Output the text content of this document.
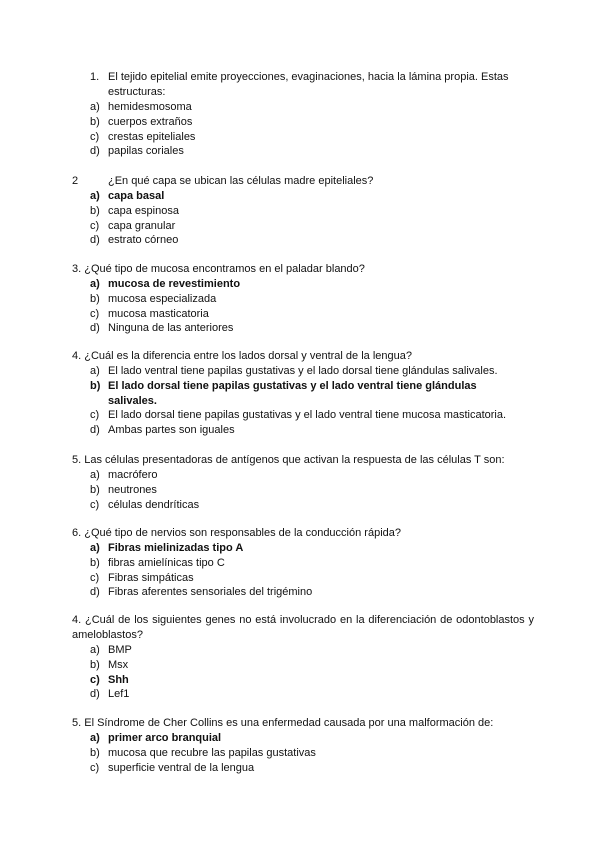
1. El tejido epitelial emite proyecciones, evaginaciones, hacia la lámina propia. Estas estructuras:

a) hemidesmosoma

b) cuerpos extraños

c) crestas epiteliales

d) papilas coriales

2	¿En qué capa se ubican las células madre epiteliales?

a) capa basal

b) capa espinosa

c) capa granular

d) estrato córneo

3. ¿Qué tipo de mucosa encontramos en el paladar blando?

a) mucosa de revestimiento

b) mucosa especializada

c) mucosa masticatoria

d) Ninguna de las anteriores

4. ¿Cuál es la diferencia entre los lados dorsal y ventral de la lengua?

a) El lado ventral tiene papilas gustativas y el lado dorsal tiene glándulas salivales.

b) El lado dorsal tiene papilas gustativas y el lado ventral tiene glándulas salivales.

c) El lado dorsal tiene papilas gustativas y el lado ventral tiene mucosa masticatoria.

d) Ambas partes son iguales

5. Las células presentadoras de antígenos que activan la respuesta de las células T son:

a) macrófero

b) neutrones

c) células dendríticas

6. ¿Qué tipo de nervios son responsables de la conducción rápida?

a) Fibras mielinizadas tipo A

b) fibras amielínicas tipo C

c) Fibras simpáticas

d) Fibras aferentes sensoriales del trigémino

4. ¿Cuál de los siguientes genes no está involucrado en la diferenciación de odontoblastos y ameloblastos?

a) BMP

b) Msx

c) Shh

d) Lef1

5. El Síndrome de Cher Collins es una enfermedad causada por una malformación de:

a) primer arco branquial

b) mucosa que recubre las papilas gustativas

c) superficie ventral de la lengua
